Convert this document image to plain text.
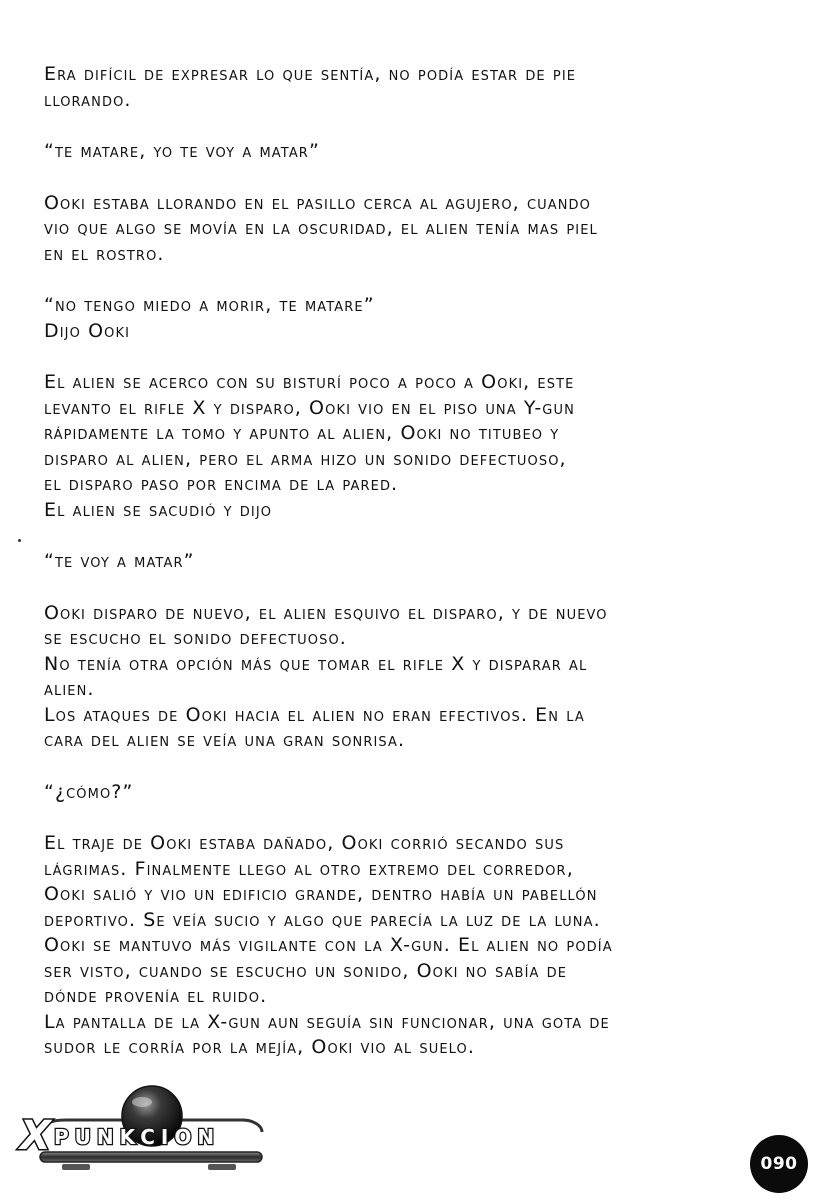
Era difícil de expresar lo que sentía, no podía estar de pie
llorando.
“te matare, yo te voy a matar”
Ooki estaba llorando en el pasillo cerca al agujero, cuando
vio que algo se movía en la oscuridad, el alien tenía mas piel
en el rostro.
“no tengo miedo a morir, te matare”
Dijo Ooki
El alien se acerco con su bisturí poco a poco a Ooki, este
levanto el rifle X y disparo, Ooki vio en el piso una Y-gun
rápidamente la tomo y apunto al alien, Ooki no titubeo y
disparo al alien, pero el arma hizo un sonido defectuoso,
el disparo paso por encima de la pared.
El alien se sacudió y dijo
“te voy a matar”
Ooki disparo de nuevo, el alien esquivo el disparo, y de nuevo
se escucho el sonido defectuoso.
No tenía otra opción más que tomar el rifle X y disparar al
alien.
Los ataques de Ooki hacia el alien no eran efectivos. En la
cara del alien se veía una gran sonrisa.
“¿cómo?”
El traje de Ooki estaba dañado, Ooki corrió secando sus
lágrimas. Finalmente llego al otro extremo del corredor,
Ooki salió y vio un edificio grande, dentro había un pabellón
deportivo. Se veía sucio y algo que parecía la luz de la luna.
Ooki se mantuvo más vigilante con la X-gun. El alien no podía
ser visto, cuando se escucho un sonido, Ooki no sabía de
dónde provenía el ruido.
La pantalla de la X-gun aun seguía sin funcionar, una gota de
sudor le corría por la mejía, Ooki vio al suelo.
X PUNKCION
090
